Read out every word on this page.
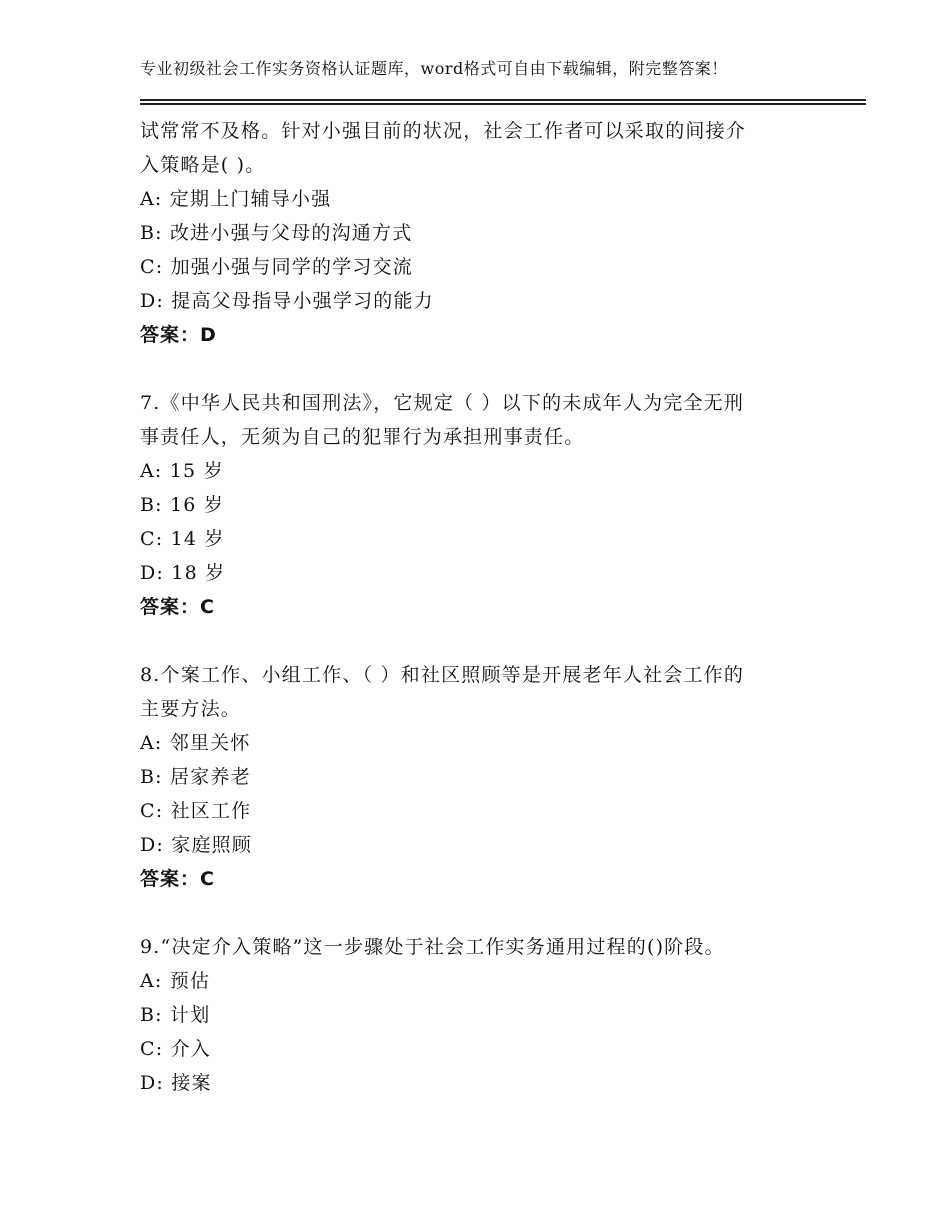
专业初级社会工作实务资格认证题库，word格式可自由下载编辑，附完整答案！
试常常不及格。针对小强目前的状况，社会工作者可以采取的间接介
入策略是( )。
A: 定期上门辅导小强
B: 改进小强与父母的沟通方式
C: 加强小强与同学的学习交流
D: 提高父母指导小强学习的能力
答案：D
7.《中华人民共和国刑法》，它规定（ ）以下的未成年人为完全无刑
事责任人，无须为自己的犯罪行为承担刑事责任。
A: 15 岁
B: 16 岁
C: 14 岁
D: 18 岁
答案：C
8.个案工作、小组工作、（ ）和社区照顾等是开展老年人社会工作的
主要方法。
A: 邻里关怀
B: 居家养老
C: 社区工作
D: 家庭照顾
答案：C
9.“决定介入策略”这一步骤处于社会工作实务通用过程的()阶段。
A: 预估
B: 计划
C: 介入
D: 接案
